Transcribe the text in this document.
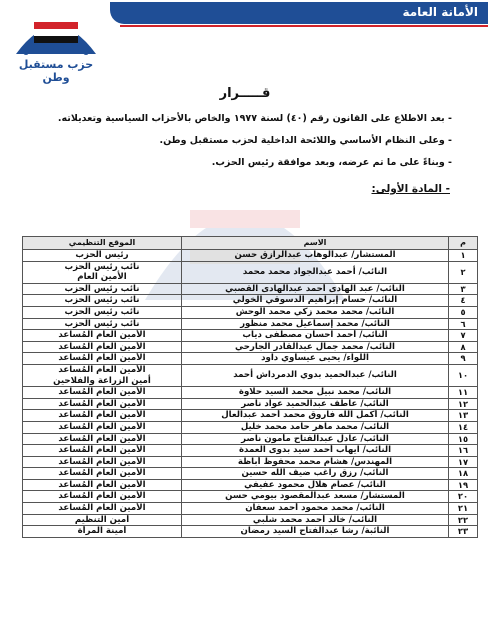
الأمانة العامة
حزب مستقبل وطن
قـــــرار
- بعد الاطلاع على القانون رقم (٤٠) لسنة ١٩٧٧ والخاص بالأحزاب السياسية وتعديلاته.
- وعلى النظام الأساسي واللائحة الداخلية لحزب مستقبل وطن.
- وبناءً على ما تم عرضه، وبعد موافقة رئيس الحزب.
- المادة الأولى:
م	الاسم	الموقع التنظيمي
١	المستشار/ عبدالوهاب عبدالرازق حسن	رئيس الحزب

٢	النائب/ أحمد عبدالجواد محمد محمد	نائب رئيس الحزب
الأمين العام

٣	النائب/ عبد الهادى أحمد عبدالهادى القصبي	نائب رئيس الحزب

٤	النائب/ حسام إبراهيم الدسوقي الخولي	نائب رئيس الحزب

٥	النائب/ محمد محمد زكي محمد الوحش	نائب رئيس الحزب

٦	النائب/ محمد إسماعيل محمد منظور	نائب رئيس الحزب

٧	النائب/ أحمد احسان مصطفى دياب	الأمين العام المُساعد

٨	النائب/ محمد جمال عبدالقادر الجارحي	الأمين العام المُساعد

٩	اللواء/ يحيى عيساوي داود	الأمين العام المُساعد

١٠	النائب/ عبدالحميد بدوي الدمرداش أحمد	الأمين العام المُساعد
أمين الزراعة والفلاحين

١١	النائب/ محمد نبيل محمد السيد حلاوة	الأمين العام المُساعد

١٢	النائب/ عاطف عبدالحميد عواد ناصر	الأمين العام المُساعد

١٣	النائب/ أكمل الله فاروق محمد أحمد عبدالعال	الأمين العام المُساعد

١٤	النائب/ محمد ماهر حامد محمد خليل	الأمين العام المُساعد

١٥	النائب/ عادل عبدالفتاح مأمون ناصر	الأمين العام المُساعد

١٦	النائب/ ايهاب أحمد سيد بدوى العمدة	الأمين العام المُساعد

١٧	المهندس/ هشام محمد محفوظ أباظة	الأمين العام المُساعد

١٨	النائب/ رزق راغب ضيف الله حسين	الأمين العام المُساعد

١٩	النائب/ عصام هلال محمود عفيفي	الأمين العام المُساعد

٢٠	المستشار/ مسعد عبدالمقصود بيومي حسن	الأمين العام المُساعد

٢١	النائب/ محمد محمود أحمد سعفان	الأمين العام المُساعد

٢٢	النائب/ خالد أحمد محمد شلبي	أمين التنظيم

٢٣	النائبة/ رشا عبدالفتاح السيد رمضان	أمينة المرأة
